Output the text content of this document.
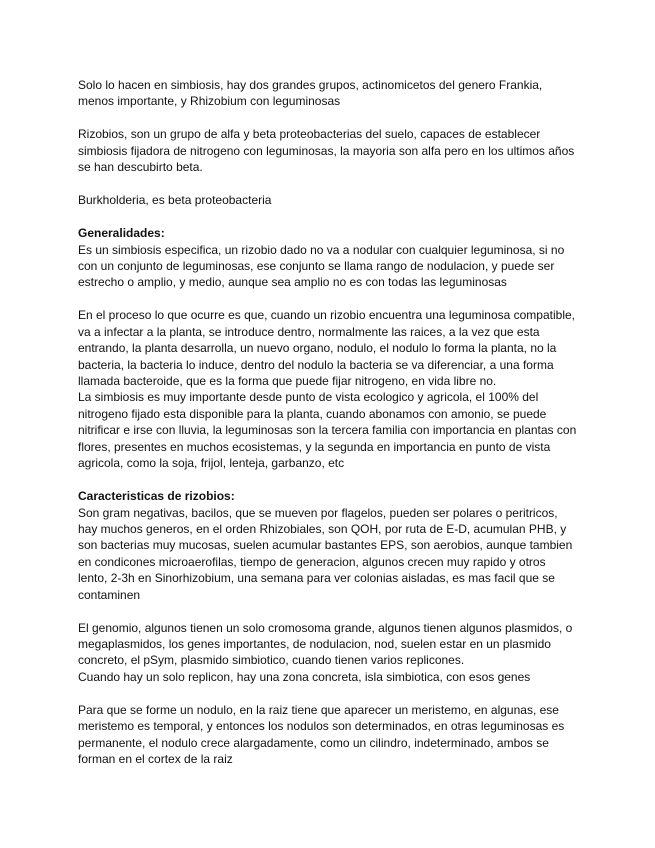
Solo lo hacen en simbiosis, hay dos grandes grupos, actinomicetos del genero Frankia, menos importante, y Rhizobium con leguminosas

Rizobios, son un grupo de alfa y beta proteobacterias del suelo, capaces de establecer simbiosis fijadora de nitrogeno con leguminosas, la mayoria son alfa pero en los ultimos años se han descubirto beta.

Burkholderia, es beta proteobacteria

Generalidades:

Es un simbiosis especifica, un rizobio dado no va a nodular con cualquier leguminosa, si no con un conjunto de leguminosas, ese conjunto se llama rango de nodulacion, y puede ser estrecho o amplio, y medio, aunque sea amplio no es con todas las leguminosas

En el proceso lo que ocurre es que, cuando un rizobio encuentra una leguminosa compatible, va a infectar a la planta, se introduce dentro, normalmente las raices, a la vez que esta entrando, la planta desarrolla, un nuevo organo, nodulo, el nodulo lo forma la planta, no la bacteria, la bacteria lo induce, dentro del nodulo la bacteria se va diferenciar, a una forma llamada bacteroide, que es la forma que puede fijar nitrogeno, en vida libre no.

La simbiosis es muy importante desde punto de vista ecologico y agricola, el 100% del nitrogeno fijado esta disponible para la planta, cuando abonamos con amonio, se puede nitrificar e irse con lluvia, la leguminosas son la tercera familia con importancia en plantas con flores, presentes en muchos ecosistemas, y la segunda en importancia en punto de vista agricola, como la soja, frijol, lenteja, garbanzo, etc

Caracteristicas de rizobios:

Son gram negativas, bacilos, que se mueven por flagelos, pueden ser polares o peritricos, hay muchos generos, en el orden Rhizobiales, son QOH, por ruta de E-D, acumulan PHB, y son bacterias muy mucosas, suelen acumular bastantes EPS, son aerobios, aunque tambien en condicones microaerofilas, tiempo de generacion, algunos crecen muy rapido y otros lento, 2-3h en Sinorhizobium, una semana para ver colonias aisladas, es mas facil que se contaminen

El genomio, algunos tienen un solo cromosoma grande, algunos tienen algunos plasmidos, o megaplasmidos, los genes importantes, de nodulacion, nod, suelen estar en un plasmido concreto, el pSym, plasmido simbiotico, cuando tienen varios replicones.

Cuando hay un solo replicon, hay una zona concreta, isla simbiotica, con esos genes

Para que se forme un nodulo, en la raiz tiene que aparecer un meristemo, en algunas, ese meristemo es temporal, y entonces los nodulos son determinados, en otras leguminosas es permanente, el nodulo crece alargadamente, como un cilindro, indeterminado, ambos se forman en el cortex de la raiz
